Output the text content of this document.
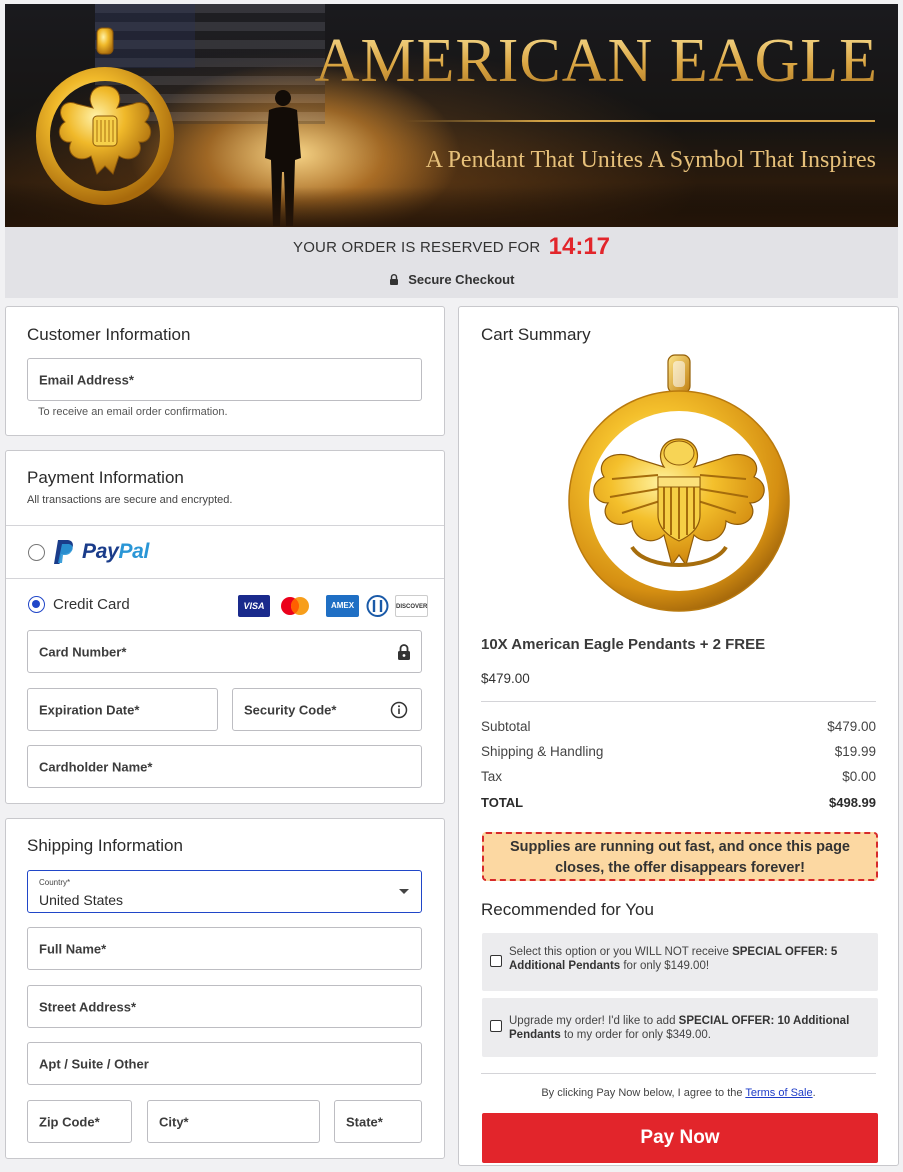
AMERICAN EAGLE
A Pendant That Unites A Symbol That Inspires
YOUR ORDER IS RESERVED FOR 14:17
Secure Checkout
Customer Information
Email Address*
To receive an email order confirmation.
Payment Information
All transactions are secure and encrypted.
PayPal
Credit Card	VISA	AMEX	DISCOVER
Card Number*
Expiration Date*	Security Code*
Cardholder Name*
Shipping Information
Country*
United States
Full Name*
Street Address*
Apt / Suite / Other
Zip Code*	City*	State*
Cart Summary
10X American Eagle Pendants + 2 FREE
$479.00
Subtotal	$479.00
Shipping & Handling	$19.99
Tax	$0.00
TOTAL	$498.99
Supplies are running out fast, and once this page
closes, the offer disappears forever!
Recommended for You
Select this option or you WILL NOT receive SPECIAL OFFER: 5 Additional Pendants for only $149.00!
Upgrade my order! I'd like to add SPECIAL OFFER: 10 Additional Pendants to my order for only $349.00.
By clicking Pay Now below, I agree to the Terms of Sale.
Pay Now
